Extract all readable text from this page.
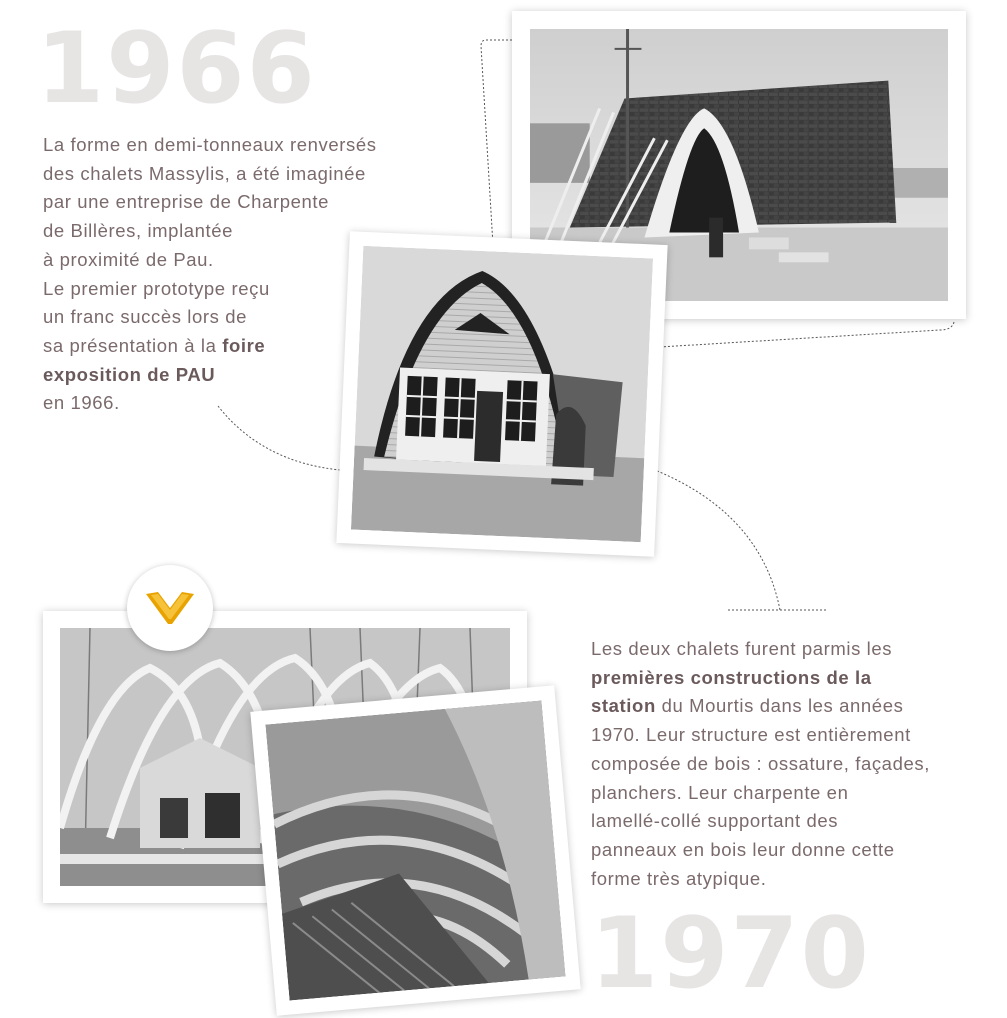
1966
La forme en demi-tonneaux renversés
des chalets Massylis, a été imaginée
par une entreprise de Charpente
de Billères, implantée
à proximité de Pau.
Le premier prototype reçu
un franc succès lors de
sa présentation à la foire
exposition de PAU
en 1966.
Les deux chalets furent parmis les
premières constructions de la
station du Mourtis dans les années
1970. Leur structure est entièrement
composée de bois : ossature, façades,
planchers. Leur charpente en
lamellé-collé supportant des
panneaux en bois leur donne cette
forme très atypique.
1970
